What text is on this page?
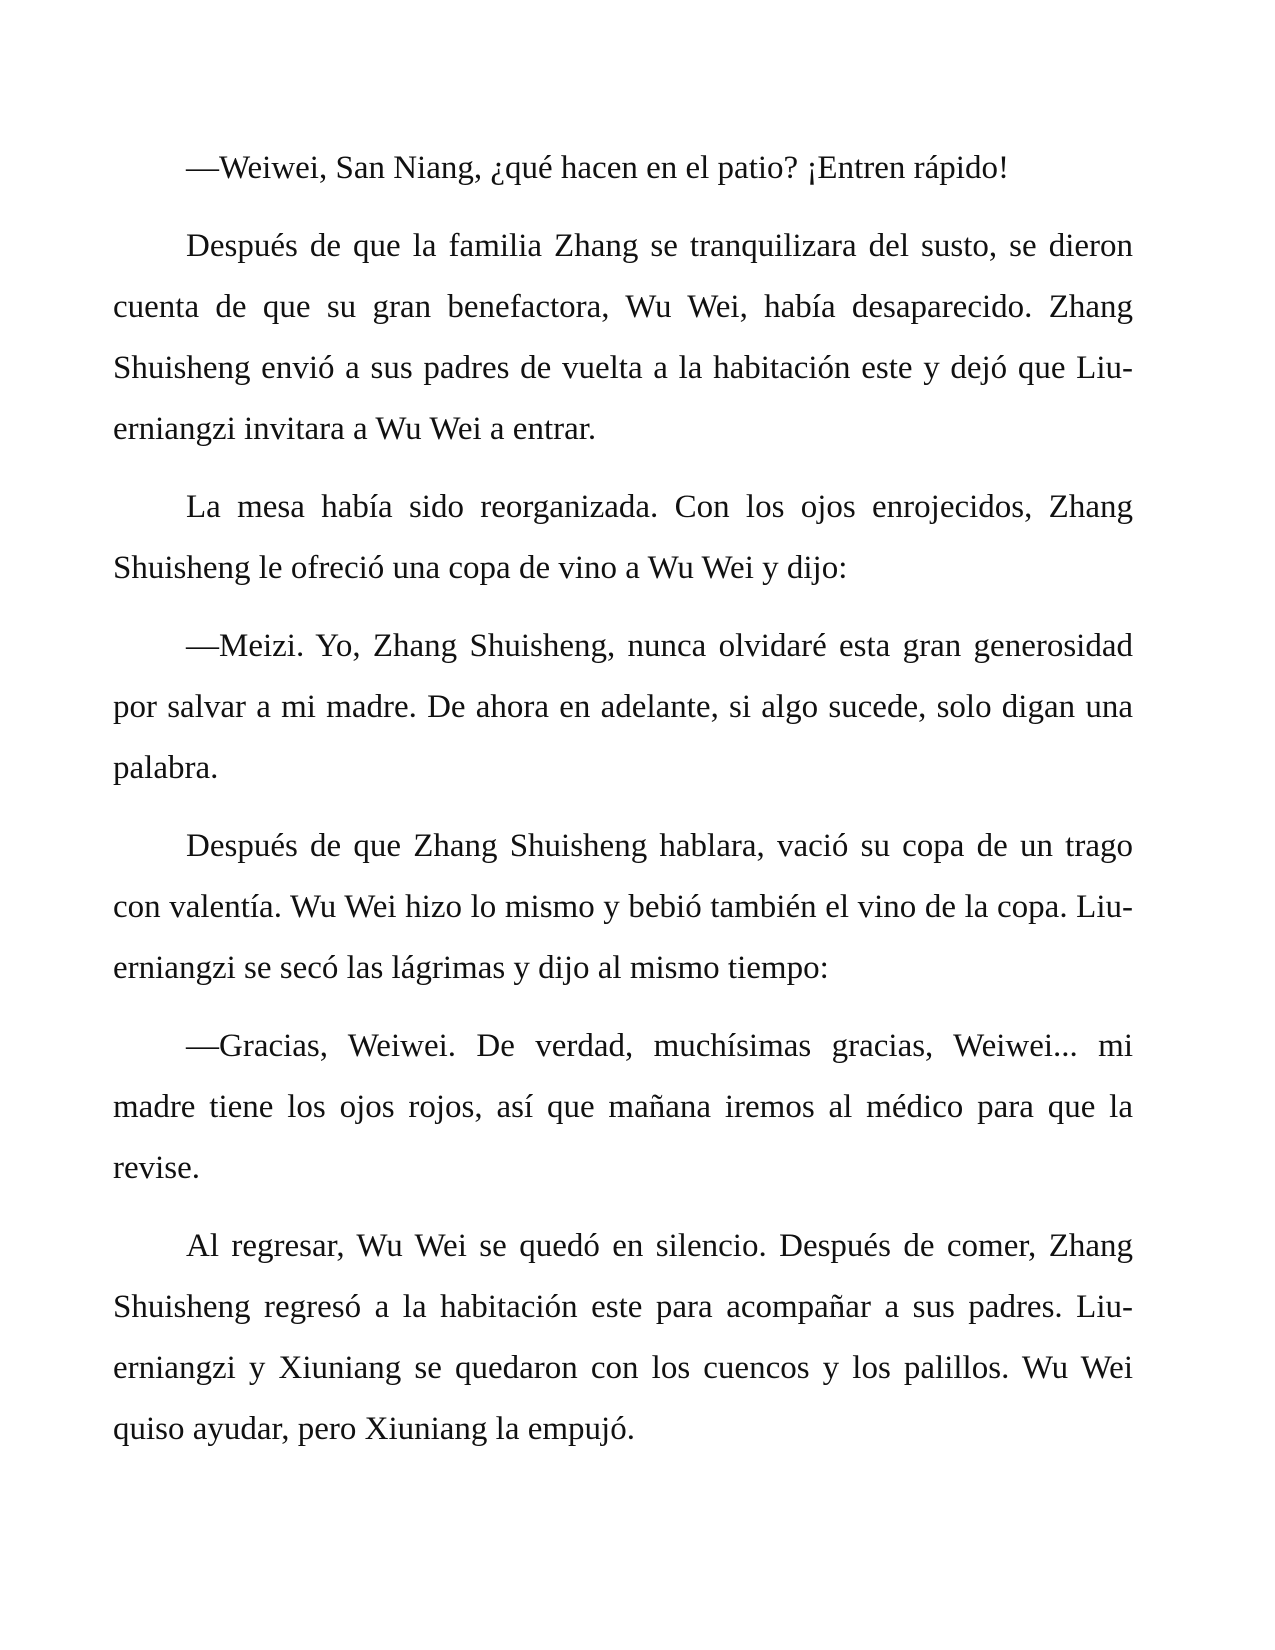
—Weiwei, San Niang, ¿qué hacen en el patio? ¡Entren rápido!

Después de que la familia Zhang se tranquilizara del susto, se dieron cuenta de que su gran benefactora, Wu Wei, había desaparecido. Zhang Shuisheng envió a sus padres de vuelta a la habitación este y dejó que Liu-erniangzi invitara a Wu Wei a entrar.

La mesa había sido reorganizada. Con los ojos enrojecidos, Zhang Shuisheng le ofreció una copa de vino a Wu Wei y dijo:

—Meizi. Yo, Zhang Shuisheng, nunca olvidaré esta gran generosidad por salvar a mi madre. De ahora en adelante, si algo sucede, solo digan una palabra.

Después de que Zhang Shuisheng hablara, vació su copa de un trago con valentía. Wu Wei hizo lo mismo y bebió también el vino de la copa. Liu-erniangzi se secó las lágrimas y dijo al mismo tiempo:

—Gracias, Weiwei. De verdad, muchísimas gracias, Weiwei... mi madre tiene los ojos rojos, así que mañana iremos al médico para que la revise.

Al regresar, Wu Wei se quedó en silencio. Después de comer, Zhang Shuisheng regresó a la habitación este para acompañar a sus padres. Liu-erniangzi y Xiuniang se quedaron con los cuencos y los palillos. Wu Wei quiso ayudar, pero Xiuniang la empujó.
